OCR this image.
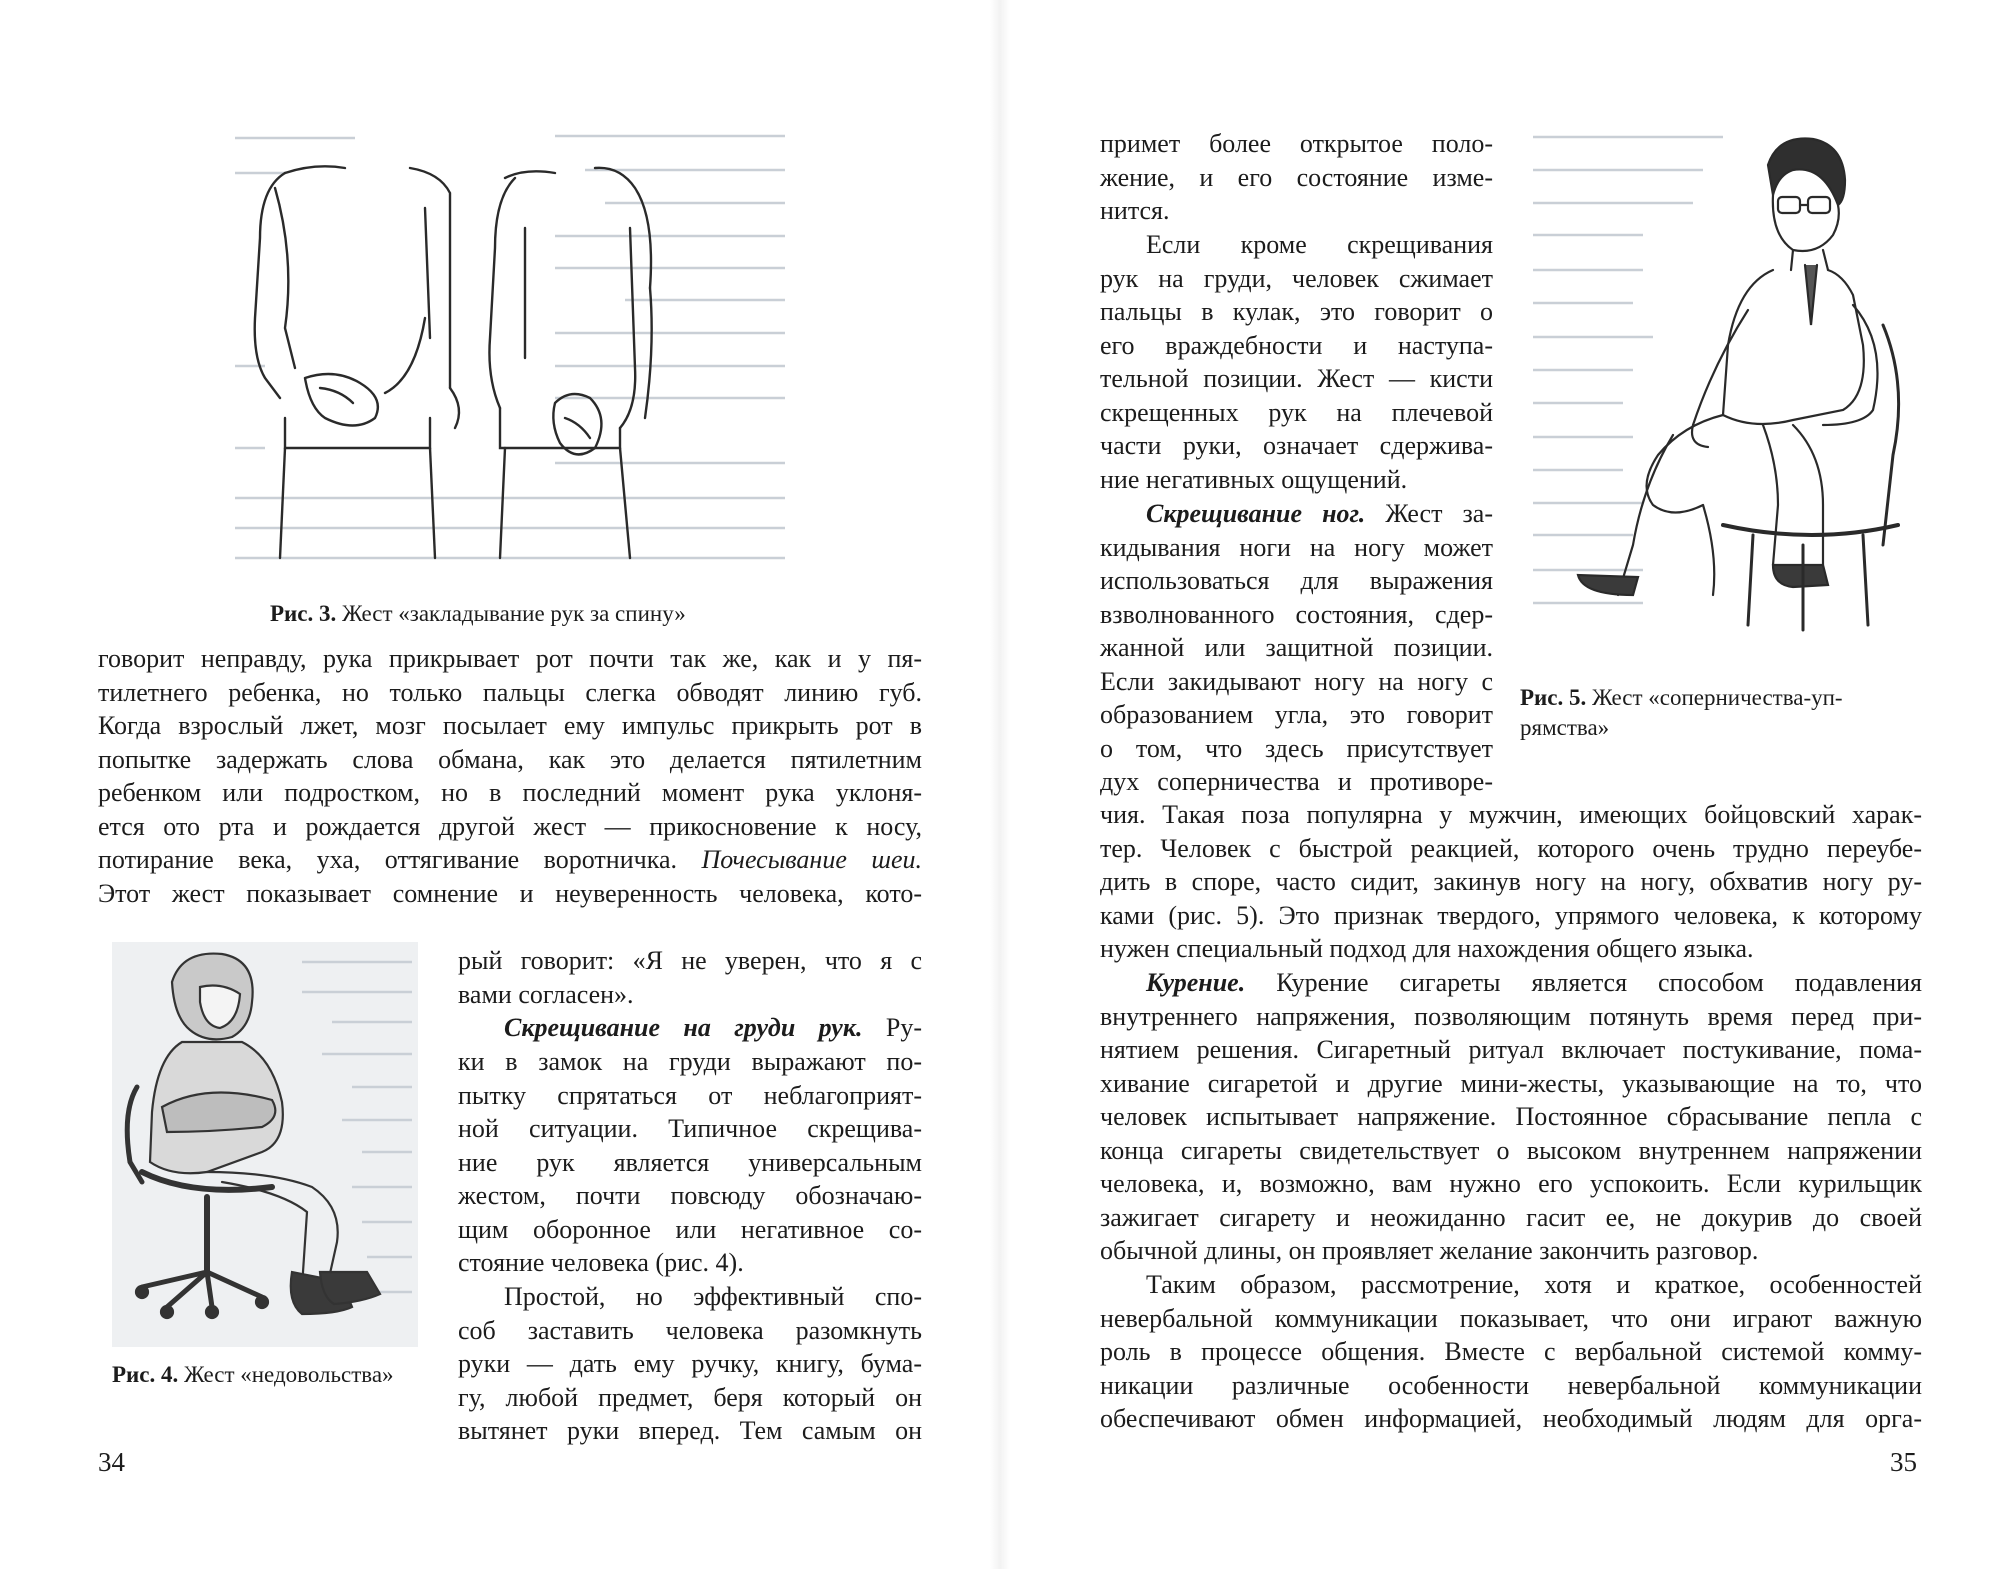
Рис. 3. Жест «закладывание рук за спину»

говорит неправду, рука прикрывает рот почти так же, как и у пя-
тилетнего ребенка, но только пальцы слегка обводят линию губ.
Когда взрослый лжет, мозг посылает ему импульс прикрыть рот в
попытке задержать слова обмана, как это делается пятилетним
ребенком или подростком, но в последний момент рука уклоня-
ется ото рта и рождается другой жест — прикосновение к носу,
потирание века, уха, оттягивание воротничка. Почесывание шеи.
Этот жест показывает сомнение и неуверенность человека, кото-

Рис. 4. Жест «недовольства»

рый говорит: «Я не уверен, что я с
вами согласен».
Скрещивание на груди рук. Ру-
ки в замок на груди выражают по-
пытку спрятаться от неблагоприят-
ной ситуации. Типичное скрещива-
ние рук является универсальным
жестом, почти повсюду обозначаю-
щим оборонное или негативное со-
стояние человека (рис. 4).
Простой, но эффективный спо-
соб заставить человека разомкнуть
руки — дать ему ручку, книгу, бума-
гу, любой предмет, беря который он
вытянет руки вперед. Тем самым он
34
примет более открытое поло-
жение, и его состояние изме-
нится.
Если кроме скрещивания
рук на груди, человек сжимает
пальцы в кулак, это говорит о
его враждебности и наступа-
тельной позиции. Жест — кисти
скрещенных рук на плечевой
части руки, означает сдержива-
ние негативных ощущений.
Скрещивание ног. Жест за-
кидывания ноги на ногу может
использоваться для выражения
взволнованного состояния, сдер-
жанной или защитной позиции.
Если закидывают ногу на ногу с
образованием угла, это говорит
о том, что здесь присутствует
дух соперничества и противоре-

Рис. 5. Жест «соперничества-уп-
рямства»

чия. Такая поза популярна у мужчин, имеющих бойцовский харак-
тер. Человек с быстрой реакцией, которого очень трудно переубе-
дить в споре, часто сидит, закинув ногу на ногу, обхватив ногу ру-
ками (рис. 5). Это признак твердого, упрямого человека, к которому
нужен специальный подход для нахождения общего языка.
Курение. Курение сигареты является способом подавления
внутреннего напряжения, позволяющим потянуть время перед при-
нятием решения. Сигаретный ритуал включает постукивание, пома-
хивание сигаретой и другие мини-жесты, указывающие на то, что
человек испытывает напряжение. Постоянное сбрасывание пепла с
конца сигареты свидетельствует о высоком внутреннем напряжении
человека, и, возможно, вам нужно его успокоить. Если курильщик
зажигает сигарету и неожиданно гасит ее, не докурив до своей
обычной длины, он проявляет желание закончить разговор.
Таким образом, рассмотрение, хотя и краткое, особенностей
невербальной коммуникации показывает, что они играют важную
роль в процессе общения. Вместе с вербальной системой комму-
никации различные особенности невербальной коммуникации
обеспечивают обмен информацией, необходимый людям для орга-
35
